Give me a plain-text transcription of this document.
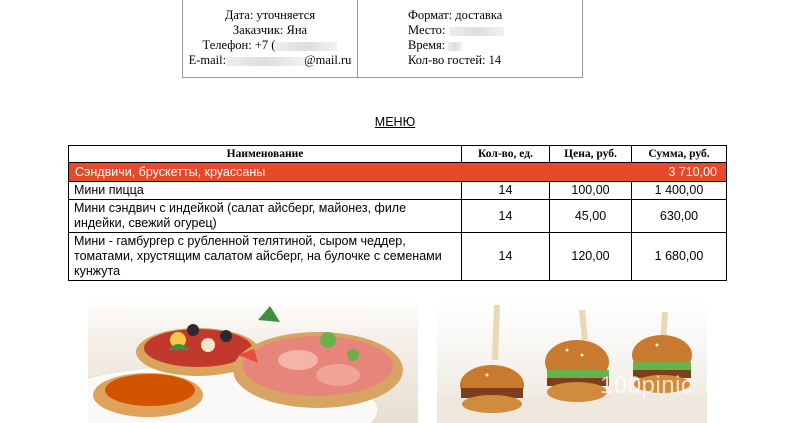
Дата: уточняется
Заказчик: Яна
Телефон: +7 (
E-mail:	@mail.ru
Формат: доставка
Место:
Время:
Кол-во гостей: 14
МЕНЮ
Наименование	Кол-во, ед.	Цена, руб.	Сумма, руб.
Сэндвичи, брускетты, круассаны			3 710,00
Мини пицца	14	100,00	1 400,00
Мини сэндвич с индейкой (салат айсберг, майонез, филе индейки, свежий огурец)	14	45,00	630,00
Мини - гамбургер с рубленной телятиной, сыром чеддер, томатами, хрустящим салатом айсберг, на булочке с семенами кунжута	14	120,00	1 680,00
100pinic
